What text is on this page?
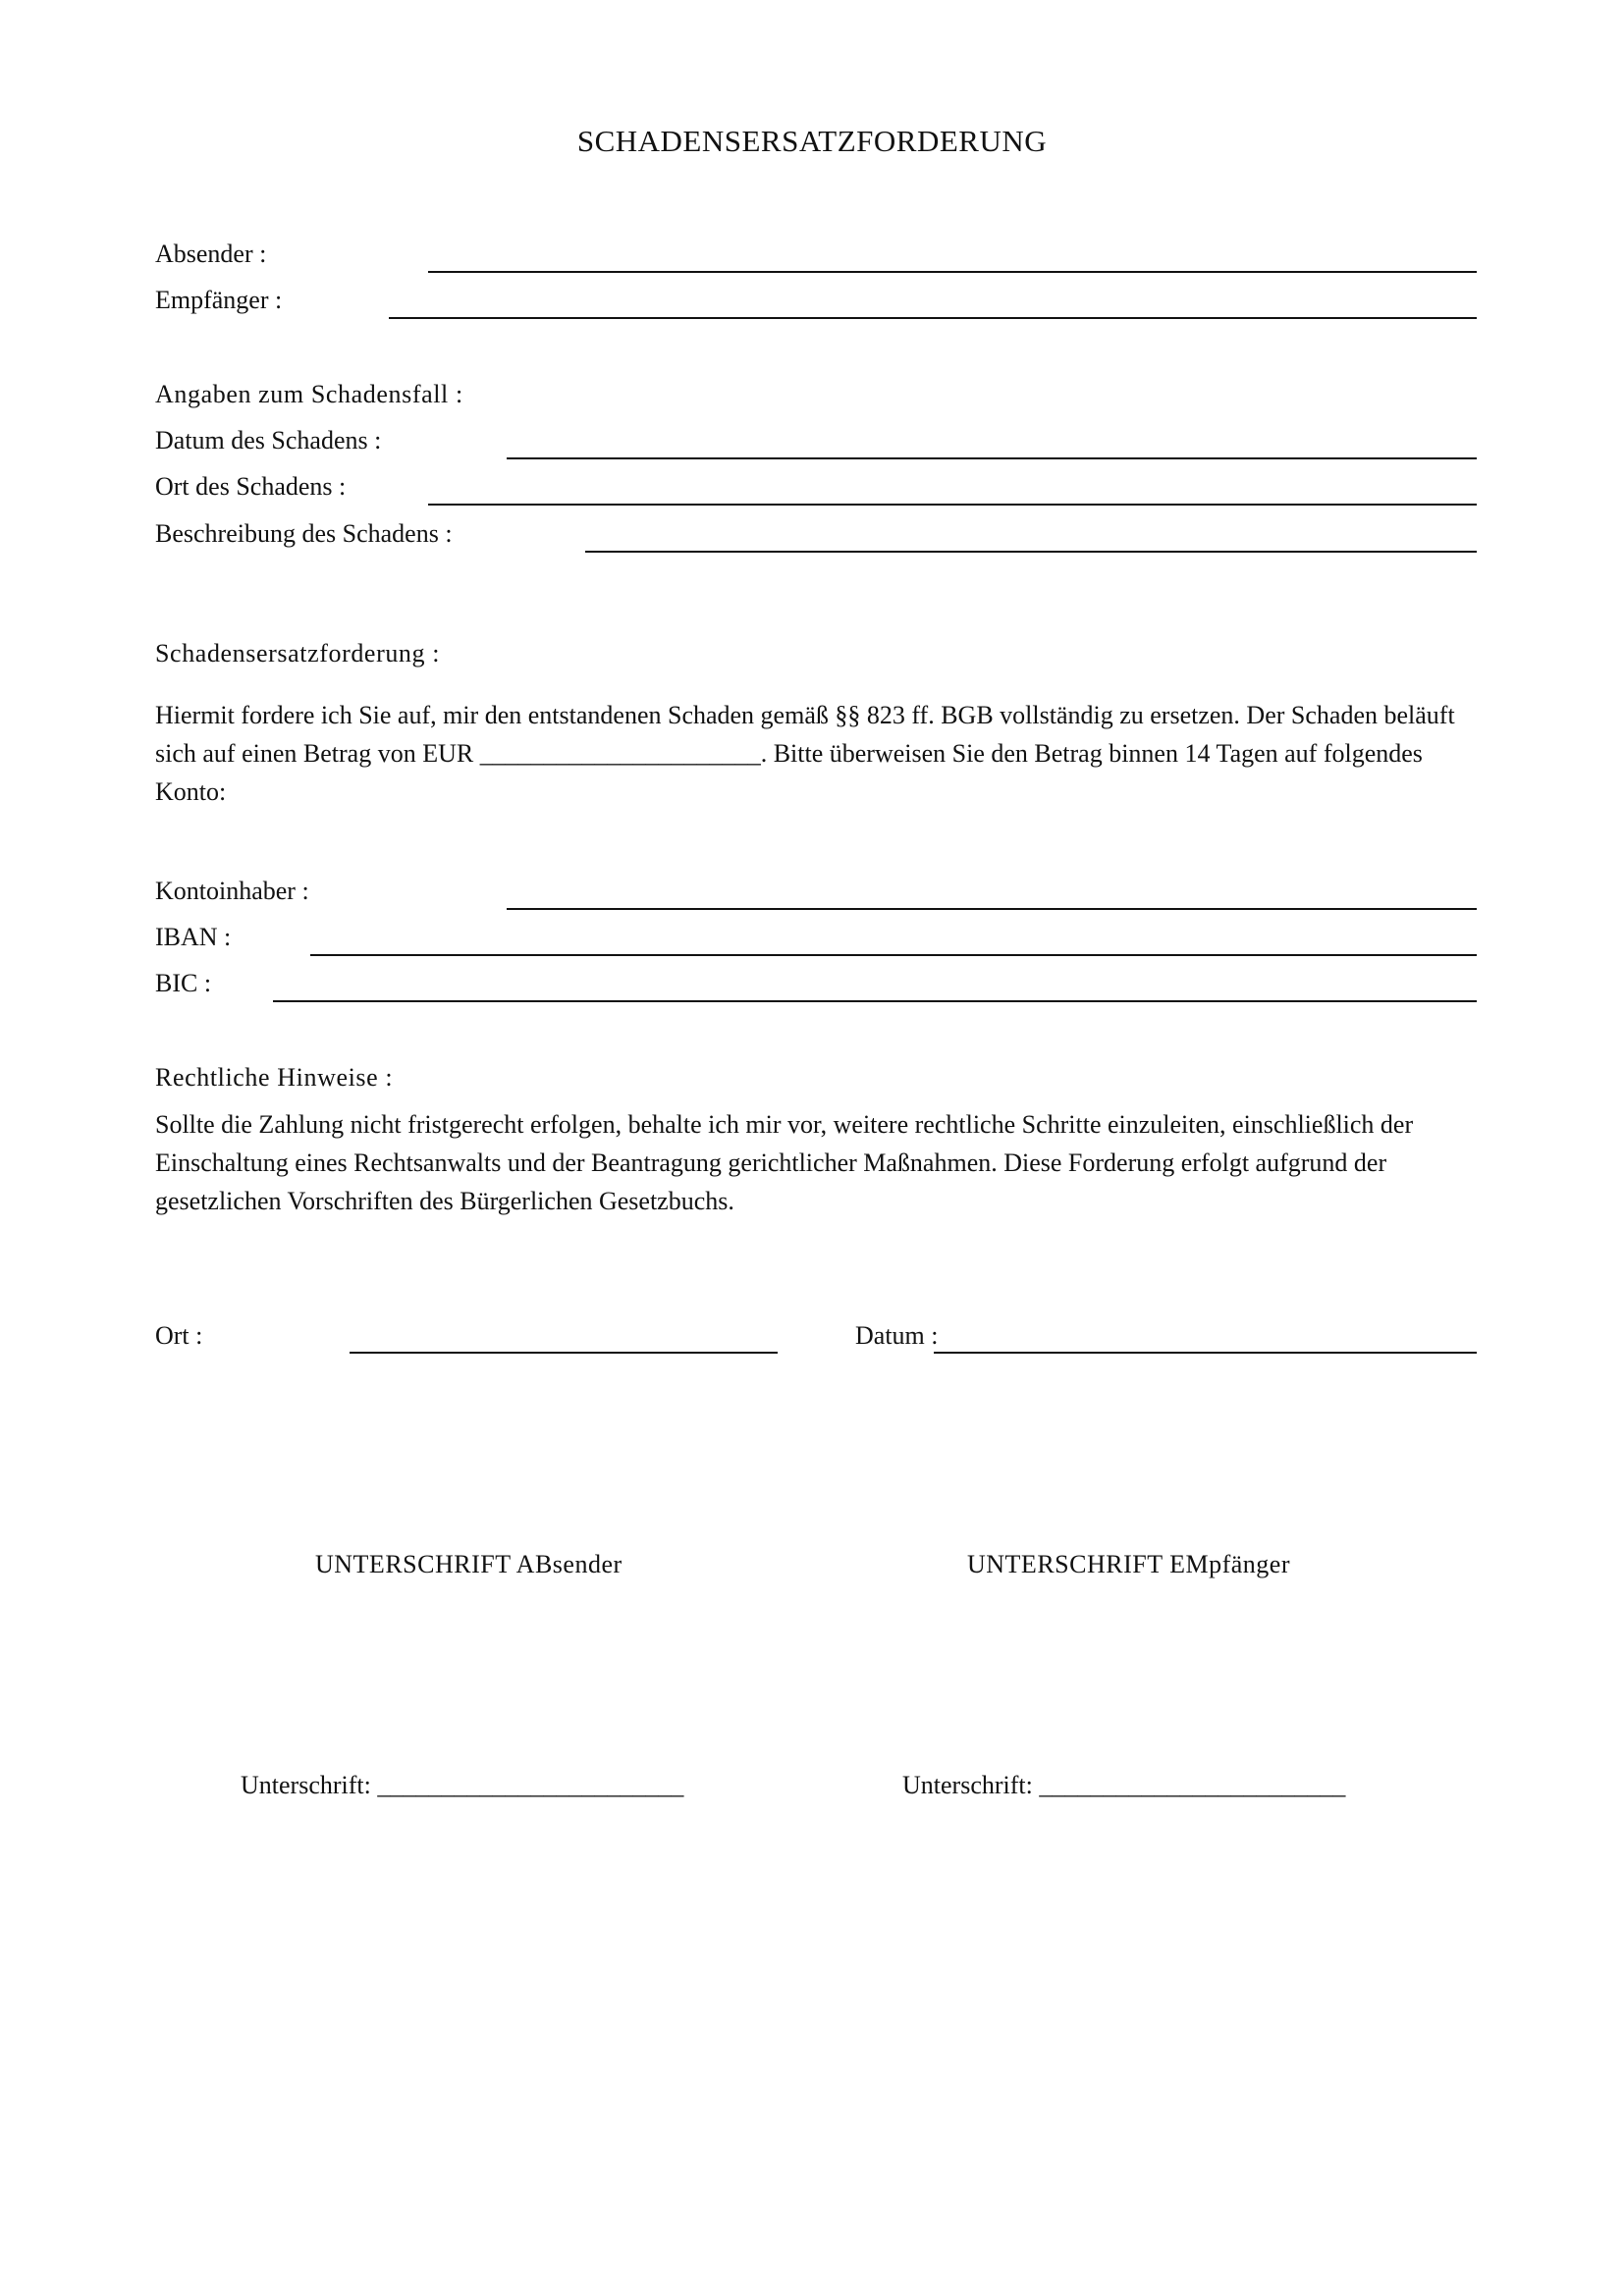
SCHADENSERSATZFORDERUNG
Absender :
Empfänger :
Angaben zum Schadensfall :
Datum des Schadens :
Ort des Schadens :
Beschreibung des Schadens :
Schadensersatzforderung :
Hiermit fordere ich Sie auf, mir den entstandenen Schaden gemäß §§ 823 ff. BGB vollständig zu ersetzen. Der Schaden beläuft sich auf einen Betrag von EUR ______________________. Bitte überweisen Sie den Betrag binnen 14 Tagen auf folgendes Konto:
Kontoinhaber :
IBAN :
BIC :
Rechtliche Hinweise :
Sollte die Zahlung nicht fristgerecht erfolgen, behalte ich mir vor, weitere rechtliche Schritte einzuleiten, einschließlich der Einschaltung eines Rechtsanwalts und der Beantragung gerichtlicher Maßnahmen. Diese Forderung erfolgt aufgrund der gesetzlichen Vorschriften des Bürgerlichen Gesetzbuchs.
Ort :	Datum :
UNTERSCHRIFT ABsender	UNTERSCHRIFT EMpfänger
Unterschrift: ________________________	Unterschrift: ________________________
